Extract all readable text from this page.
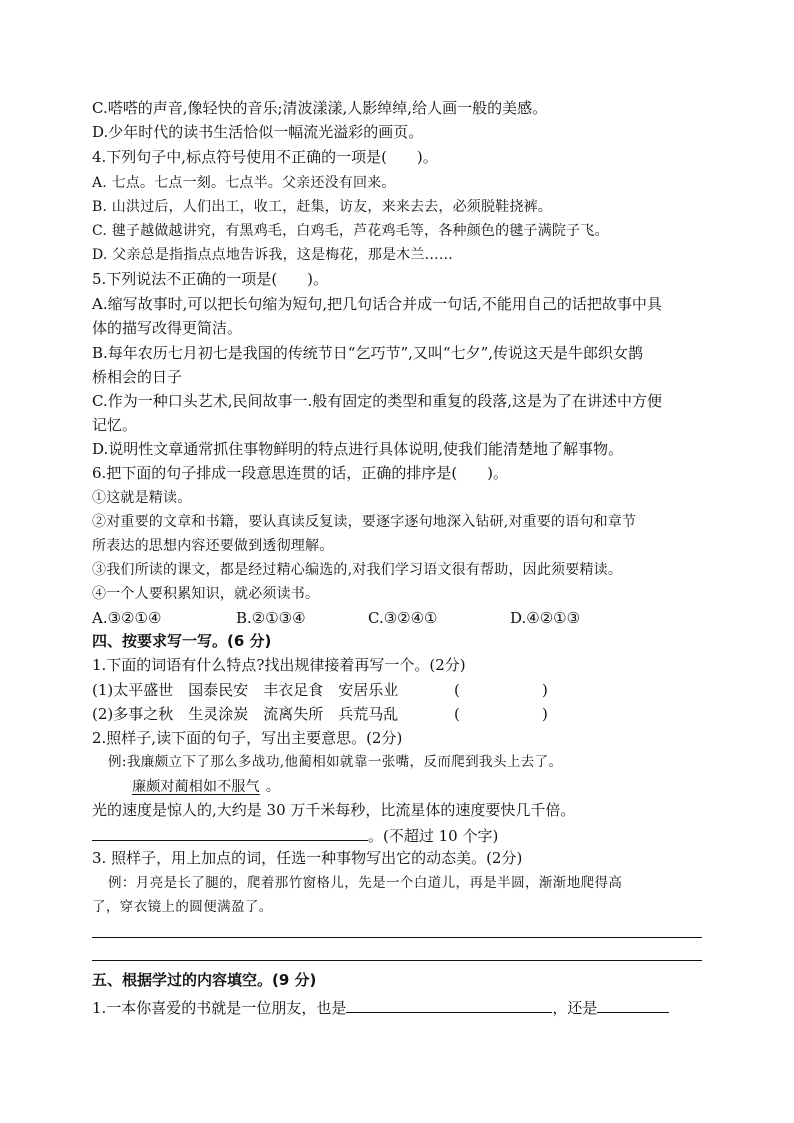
C.嗒嗒的声音,像轻快的音乐;清波漾漾,人影绰绰,给人画一般的美感。
D.少年时代的读书生活恰似一幅流光溢彩的画页。
4.下列句子中,标点符号使用不正确的一项是(　　)。
A. 七点。七点一刻。七点半。父亲还没有回来。
B. 山洪过后，人们出工，收工，赶集，访友，来来去去，必须脱鞋挠裤。
C. 毽子越做越讲究，有黑鸡毛，白鸡毛，芦花鸡毛等，各种颜色的毽子满院子飞。
D. 父亲总是指指点点地告诉我，这是梅花，那是木兰……
5.下列说法不正确的一项是(　　)。
A.缩写故事时,可以把长句缩为短句,把几句话合并成一句话,不能用自己的话把故事中具
体的描写改得更简洁。
B.每年农历七月初七是我国的传统节日“乞巧节”,又叫“七夕”,传说这天是牛郎织女鹊
桥相会的日子
C.作为一种口头艺术,民间故事一.般有固定的类型和重复的段落,这是为了在讲述中方便
记忆。
D.说明性文章通常抓住事物鲜明的特点进行具体说明,使我们能清楚地了解事物。
6.把下面的句子排成一段意思连贯的话，正确的排序是(　　)。
①这就是精读。
②对重要的文章和书籍，要认真读反复读，要逐字逐句地深入钻研,对重要的语句和章节
所表达的思想内容还要做到透彻理解。
③我们所读的课文，都是经过精心编选的,对我们学习语文很有帮助，因此须要精读。
④一个人要积累知识，就必须读书。
A.③②①④	B.②①③④	C.③②④①	D.④②①③
四、按要求写一写。(6 分)
1.下面的词语有什么特点?找出规律接着再写一个。(2分)
(1)太平盛世　国泰民安　丰衣足食　安居乐业	(	)
(2)多事之秋　生灵涂炭　流离失所　兵荒马乱	(	)
2.照样子,读下面的句子，写出主要意思。(2分)
例:我廉颇立下了那么多战功,他蔺相如就靠一张嘴，反而爬到我头上去了。
廉颇对蔺相如不服气 。
光的速度是惊人的,大约是 30 万千米每秒，比流星体的速度要快几千倍。
。(不超过 10 个字)
3. 照样子，用上加点的词，任选一种事物写出它的动态美。(2分)
例：月亮是长了腿的，爬着那竹窗格儿，先是一个白道儿，再是半圆，渐渐地爬得高
了，穿衣镜上的圆便满盈了。
五、根据学过的内容填空。(9 分)
1.一本你喜爱的书就是一位朋友，也是	，还是
